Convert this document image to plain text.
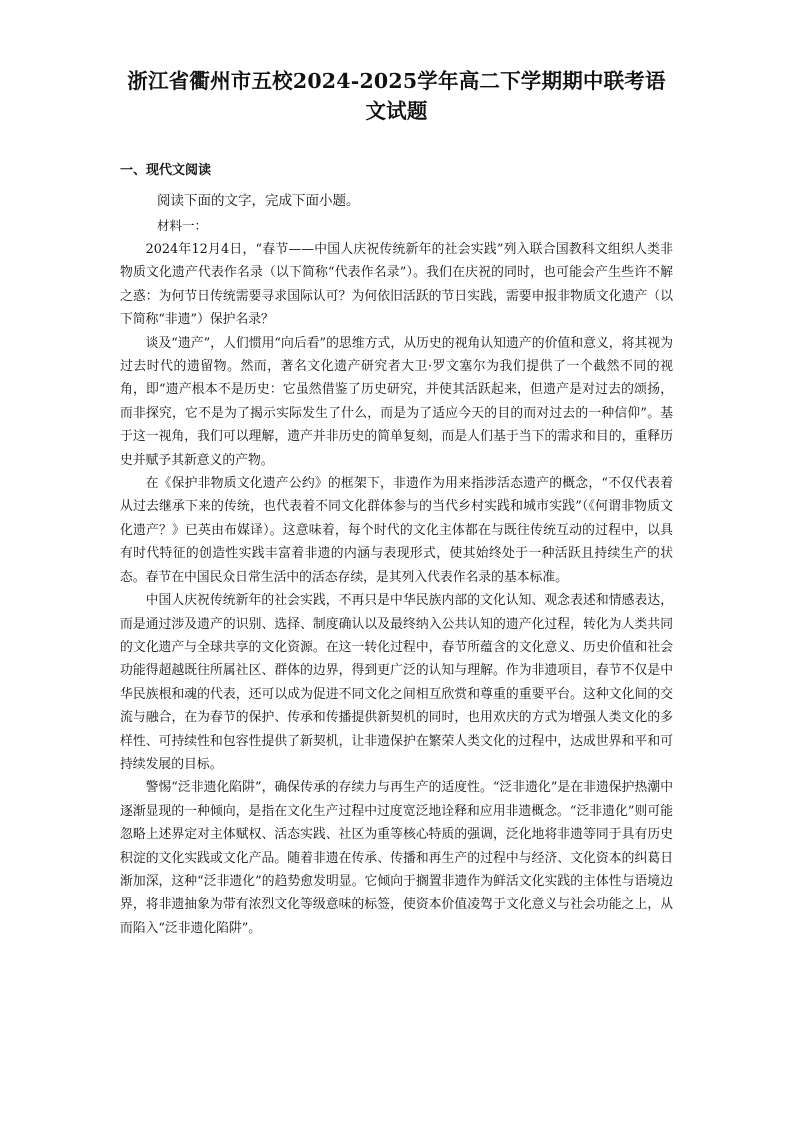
浙江省衢州市五校2024-2025学年高二下学期期中联考语
文试题
一、现代文阅读
阅读下面的文字，完成下面小题。
材料一：

2024年12月4日，“春节——中国人庆祝传统新年的社会实践”列入联合国教科文组织人类非物质文化遗产代表作名录（以下简称“代表作名录”）。我们在庆祝的同时，也可能会产生些许不解之惑：为何节日传统需要寻求国际认可？为何依旧活跃的节日实践，需要申报非物质文化遗产（以下简称“非遗”）保护名录？

谈及“遗产”，人们惯用“向后看”的思维方式，从历史的视角认知遗产的价值和意义，将其视为过去时代的遗留物。然而，著名文化遗产研究者大卫·罗文塞尔为我们提供了一个截然不同的视角，即“遗产根本不是历史：它虽然借鉴了历史研究，并使其活跃起来，但遗产是对过去的颂扬，而非探究，它不是为了揭示实际发生了什么，而是为了适应今天的目的而对过去的一种信仰”。基于这一视角，我们可以理解，遗产并非历史的简单复刻，而是人们基于当下的需求和目的，重释历史并赋予其新意义的产物。

在《保护非物质文化遗产公约》的框架下，非遗作为用来指涉活态遗产的概念，“不仅代表着从过去继承下来的传统，也代表着不同文化群体参与的当代乡村实践和城市实践”（《何谓非物质文化遗产？》已英由布媒译）。这意味着，每个时代的文化主体都在与既往传统互动的过程中，以具有时代特征的创造性实践丰富着非遗的内涵与表现形式，使其始终处于一种活跃且持续生产的状态。春节在中国民众日常生活中的活态存续，是其列入代表作名录的基本标准。

中国人庆祝传统新年的社会实践，不再只是中华民族内部的文化认知、观念表述和情感表达，而是通过涉及遗产的识别、选择、制度确认以及最终纳入公共认知的遗产化过程，转化为人类共同的文化遗产与全球共享的文化资源。在这一转化过程中，春节所蕴含的文化意义、历史价值和社会功能得超越既往所属社区、群体的边界，得到更广泛的认知与理解。作为非遗项目，春节不仅是中华民族根和魂的代表，还可以成为促进不同文化之间相互欣赏和尊重的重要平台。这种文化间的交流与融合，在为春节的保护、传承和传播提供新契机的同时，也用欢庆的方式为增强人类文化的多样性、可持续性和包容性提供了新契机，让非遗保护在繁荣人类文化的过程中，达成世界和平和可持续发展的目标。

警惕“泛非遗化陷阱”，确保传承的存续力与再生产的适度性。“泛非遗化”是在非遗保护热潮中逐渐显现的一种倾向，是指在文化生产过程中过度宽泛地诠释和应用非遗概念。“泛非遗化”则可能忽略上述界定对主体赋权、活态实践、社区为重等核心特质的强调，泛化地将非遗等同于具有历史积淀的文化实践或文化产品。随着非遗在传承、传播和再生产的过程中与经济、文化资本的纠葛日渐加深，这种“泛非遗化”的趋势愈发明显。它倾向于搁置非遗作为鲜活文化实践的主体性与语境边界，将非遗抽象为带有浓烈文化等级意味的标签，使资本价值凌驾于文化意义与社会功能之上，从而陷入“泛非遗化陷阱”。
